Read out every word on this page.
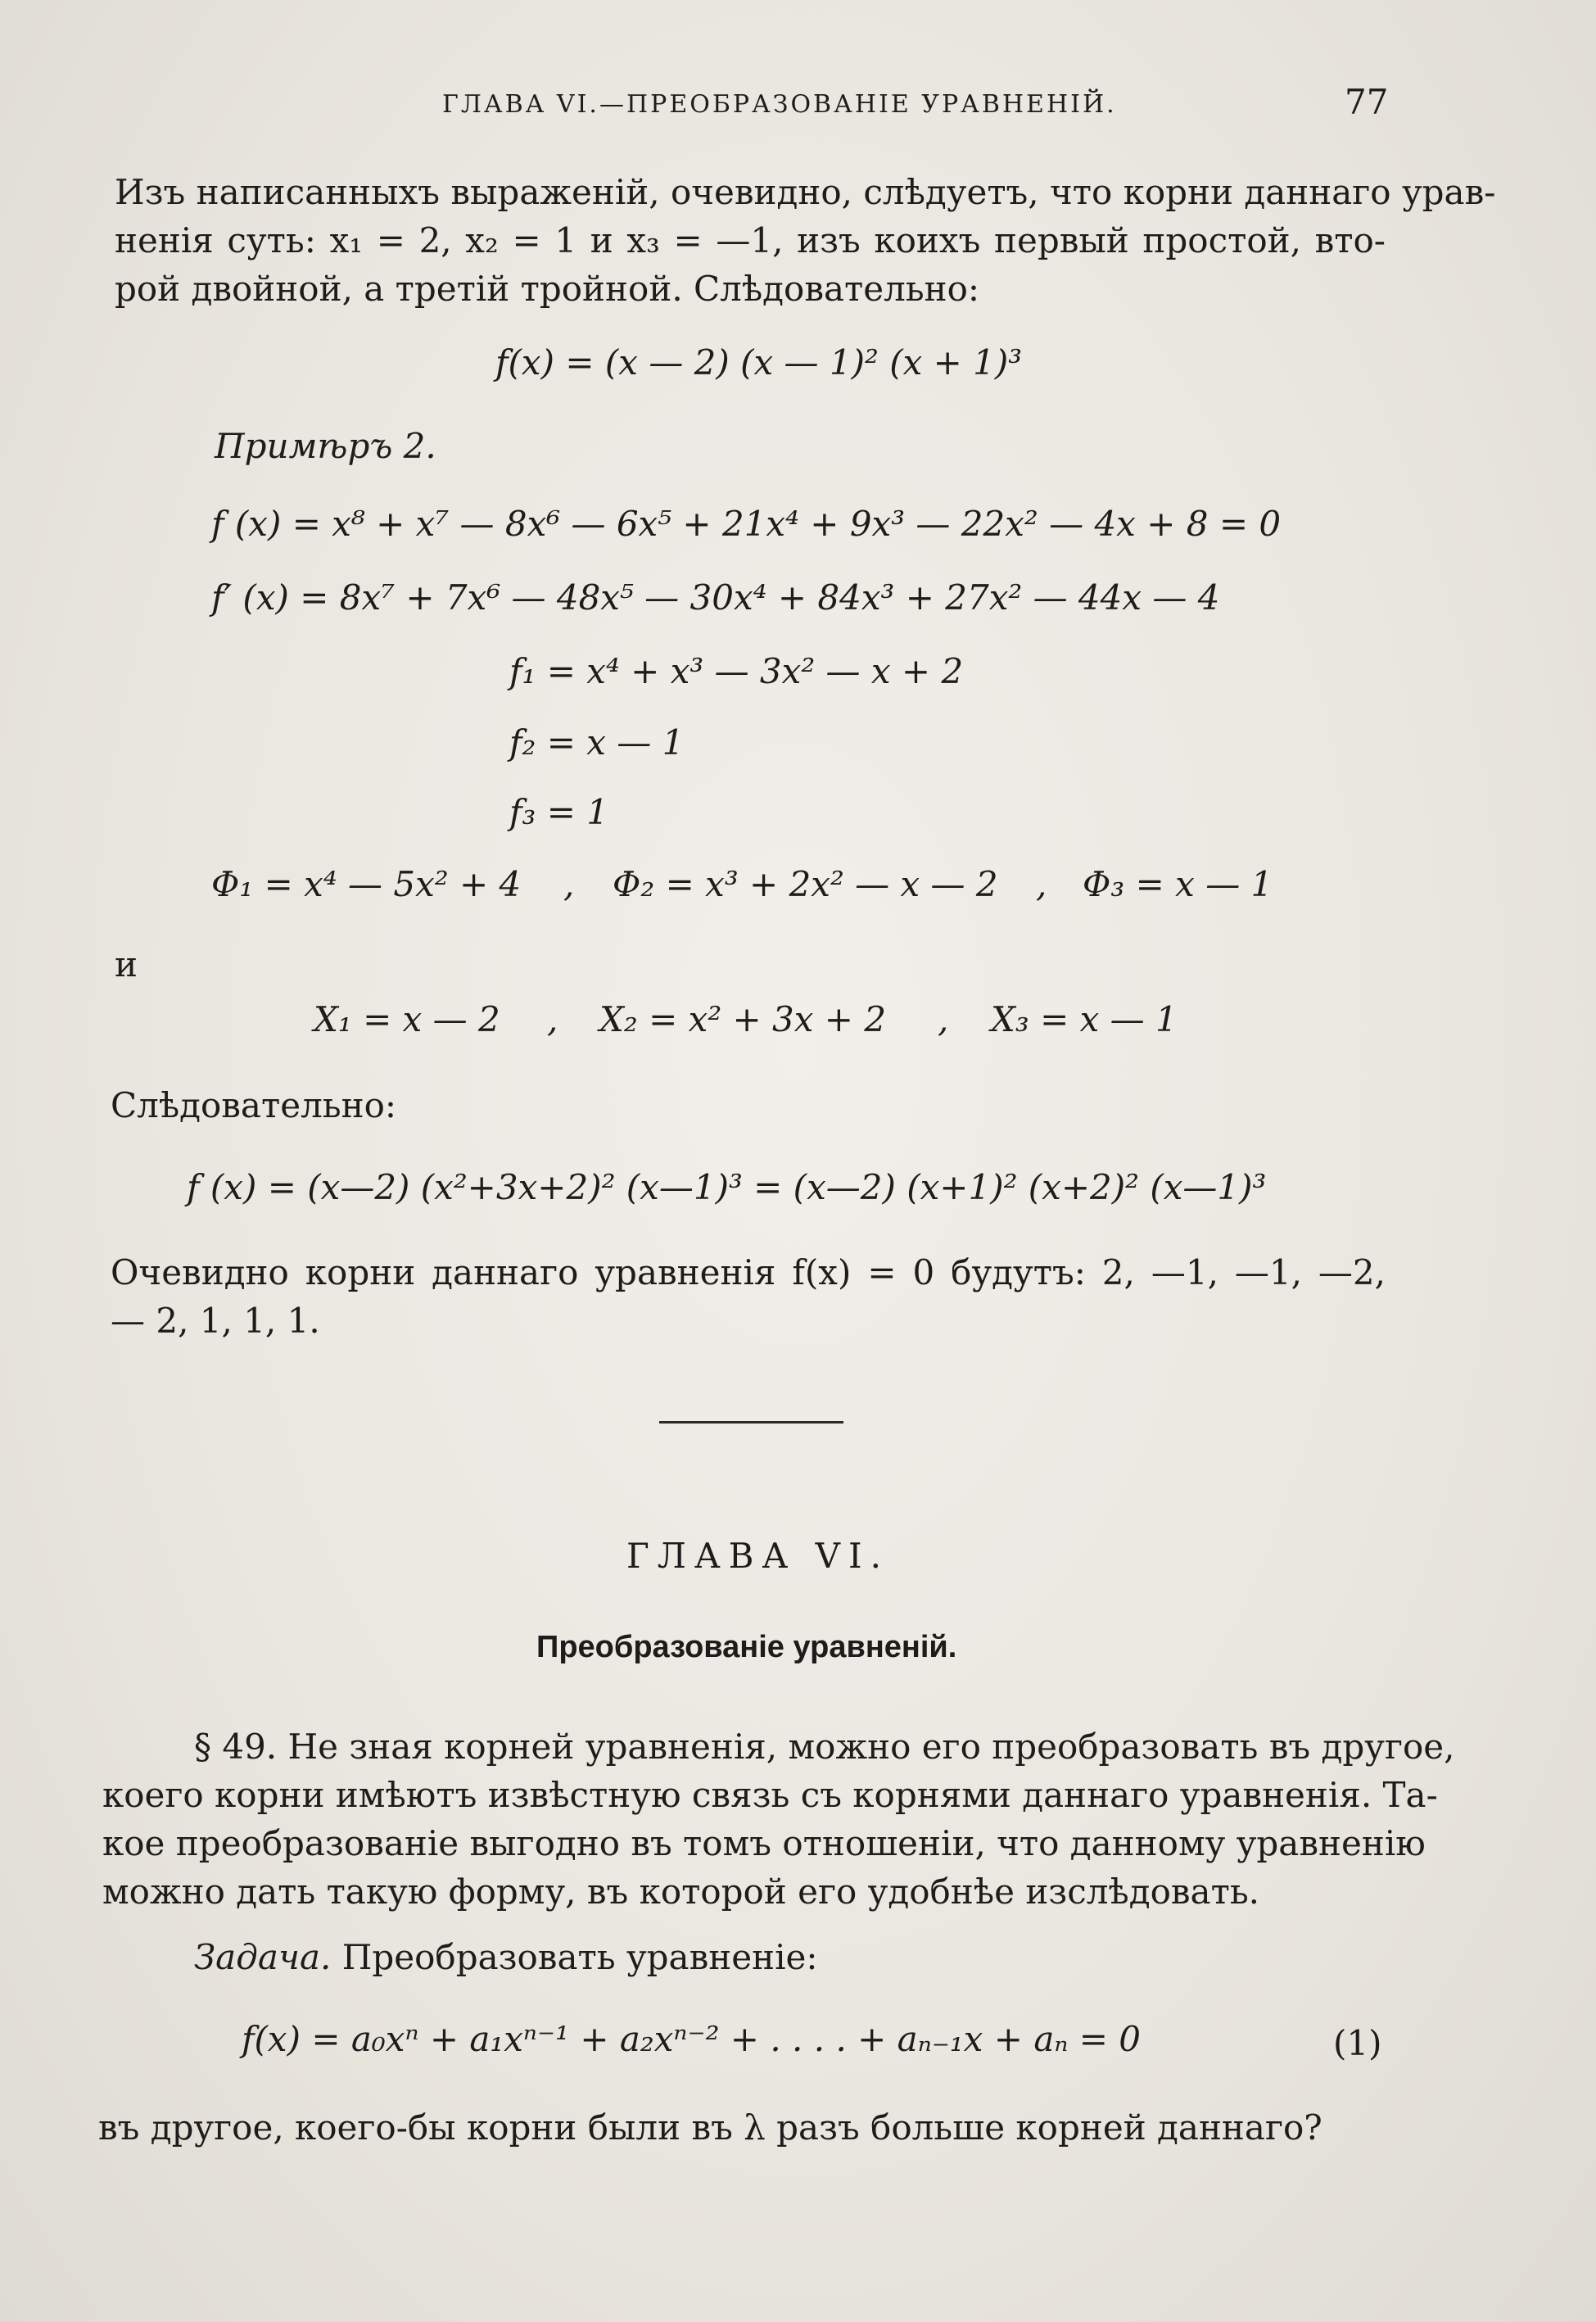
ГЛАВА VI.—ПРЕОБРАЗОВАНІЕ УРАВНЕНІЙ.	77
Изъ написанныхъ выраженій, очевидно, слѣдуетъ, что корни даннаго урав-
ненія суть: x₁ = 2, x₂ = 1 и x₃ = —1, изъ коихъ первый простой, вто-
рой двойной, а третій тройной. Слѣдовательно:
f(x) = (x — 2) (x — 1)² (x + 1)³
Примѣръ 2.
f (x) = x⁸ + x⁷ — 8x⁶ — 6x⁵ + 21x⁴ + 9x³ — 22x² — 4x + 8 = 0
f′ (x) = 8x⁷ + 7x⁶ — 48x⁵ — 30x⁴ + 84x³ + 27x² — 44x — 4
f₁ = x⁴ + x³ — 3x² — x + 2
f₂ = x — 1
f₃ = 1
Φ₁ = x⁴ — 5x² + 4 , Φ₂ = x³ + 2x² — x — 2 , Φ₃ = x — 1
и
X₁ = x — 2 , X₂ = x² + 3x + 2 , X₃ = x — 1
Слѣдовательно:
f (x) = (x—2) (x²+3x+2)² (x—1)³ = (x—2) (x+1)² (x+2)² (x—1)³
Очевидно корни даннаго уравненія f(x) = 0 будутъ: 2, —1, —1, —2,
— 2, 1, 1, 1.
ГЛАВА VI.
Преобразованіе уравненій.
§ 49. Не зная корней уравненія, можно его преобразовать въ другое,
коего корни имѣютъ извѣстную связь съ корнями даннаго уравненія. Та-
кое преобразованіе выгодно въ томъ отношеніи, что данному уравненію
можно дать такую форму, въ которой его удобнѣе изслѣдовать.
Задача. Преобразовать уравненіе:
f(x) = a₀xⁿ + a₁xⁿ⁻¹ + a₂xⁿ⁻² + . . . . + aₙ₋₁x + aₙ = 0	(1)
въ другое, коего-бы корни были въ λ разъ больше корней даннаго?
